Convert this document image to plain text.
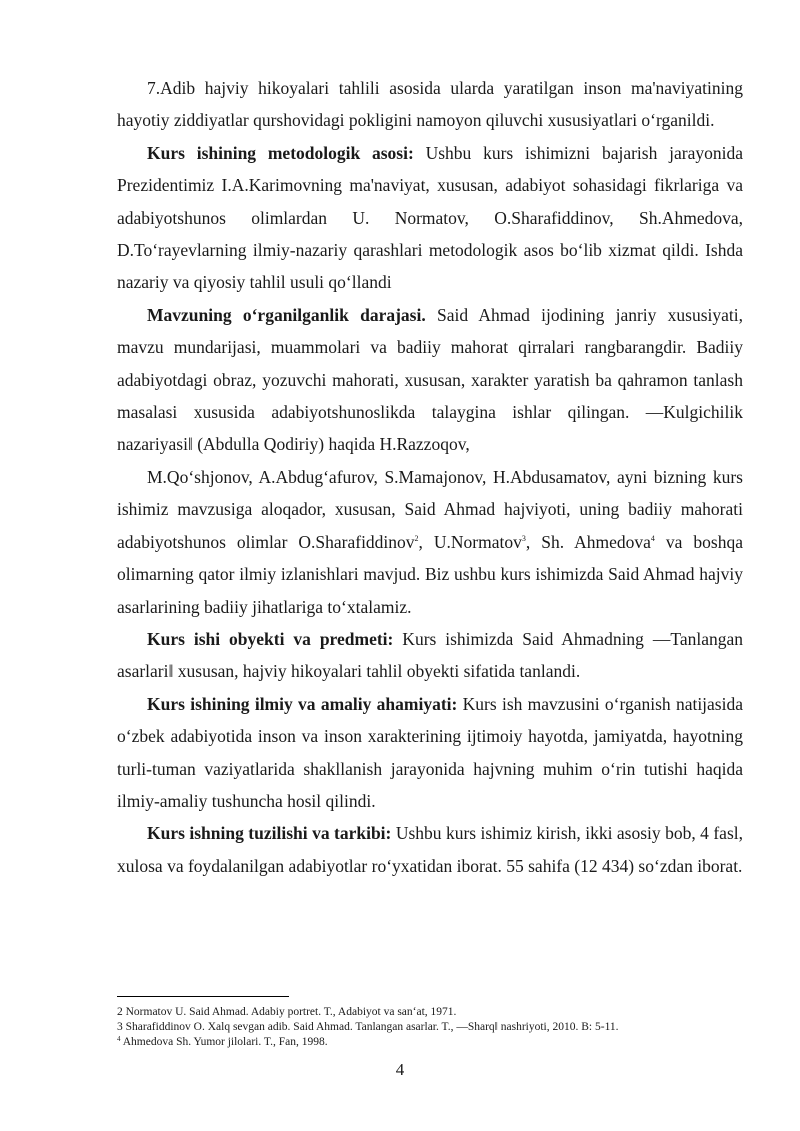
7.Adib hajviy hikoyalari tahlili asosida ularda yaratilgan inson ma'naviyatining hayotiy ziddiyatlar qurshovidagi pokligini namoyon qiluvchi xususiyatlari o‘rganildi.

Kurs ishining metodologik asosi: Ushbu kurs ishimizni bajarish jarayonida Prezidentimiz I.A.Karimovning ma'naviyat, xususan, adabiyot sohasidagi fikrlariga va adabiyotshunos olimlardan U. Normatov, O.Sharafiddinov, Sh.Ahmedova, D.To‘rayevlarning ilmiy-nazariy qarashlari metodologik asos bo‘lib xizmat qildi. Ishda nazariy va qiyosiy tahlil usuli qo‘llandi

Mavzuning o‘rganilganlik darajasi. Said Ahmad ijodining janriy xususiyati, mavzu mundarijasi, muammolari va badiiy mahorat qirralari rangbarangdir. Badiiy adabiyotdagi obraz, yozuvchi mahorati, xususan, xarakter yaratish ba qahramon tanlash masalasi xususida adabiyotshunoslikda talaygina ishlar qilingan. ―Kulgichilik nazariyasi‖ (Abdulla Qodiriy) haqida H.Razzoqov,

M.Qo‘shjonov, A.Abdug‘afurov, S.Mamajonov, H.Abdusamatov, ayni bizning kurs ishimiz mavzusiga aloqador, xususan, Said Ahmad hajviyoti, uning badiiy mahorati adabiyotshunos olimlar O.Sharafiddinov$^2$, U.Normatov$^3$, Sh. Ahmedova$^4$ va boshqa olimarning qator ilmiy izlanishlari mavjud. Biz ushbu kurs ishimizda Said Ahmad hajviy asarlarining badiiy jihatlariga to‘xtalamiz.

Kurs ishi obyekti va predmeti: Kurs ishimizda Said Ahmadning ―Tanlangan asarlari‖ xususan, hajviy hikoyalari tahlil obyekti sifatida tanlandi.

Kurs ishining ilmiy va amaliy ahamiyati: Kurs ish mavzusini o‘rganish natijasida o‘zbek adabiyotida inson va inson xarakterining ijtimoiy hayotda, jamiyatda, hayotning turli-tuman vaziyatlarida shakllanish jarayonida hajvning muhim o‘rin tutishi haqida ilmiy-amaliy tushuncha hosil qilindi.

Kurs ishning tuzilishi va tarkibi: Ushbu kurs ishimiz kirish, ikki asosiy bob, 4 fasl, xulosa va foydalanilgan adabiyotlar ro‘yxatidan iborat. 55 sahifa (12 434) so‘zdan iborat.

2 Normatov U. Said Ahmad. Adabiy portret. T., Adabiyot va san‘at, 1971.
3 Sharafiddinov O. Xalq sevgan adib. Said Ahmad. Tanlangan asarlar. T., ―Sharq‖ nashriyoti, 2010. B: 5-11.
$^4$ Ahmedova Sh. Yumor jilolari. T., Fan, 1998.
4
